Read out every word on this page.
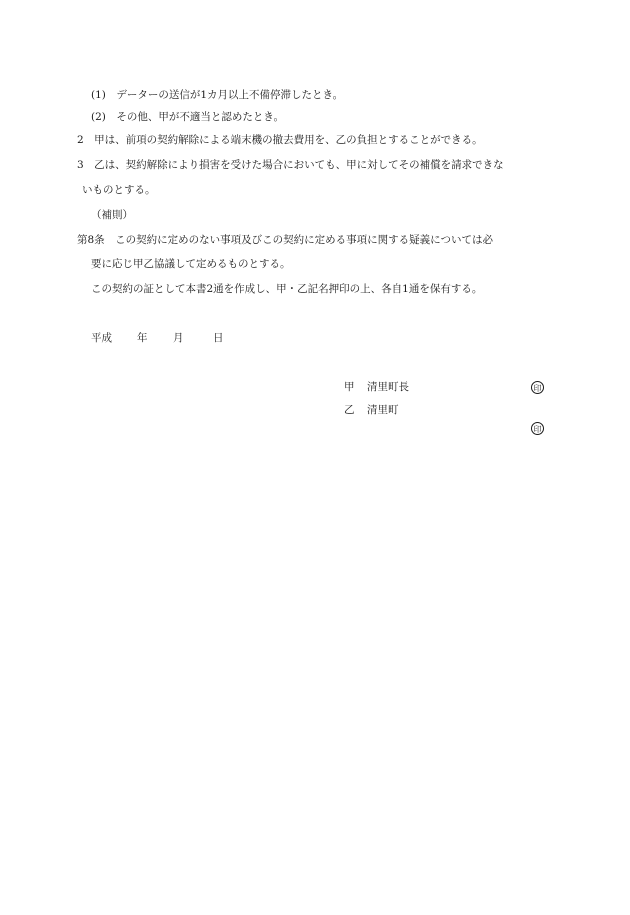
(1)　データーの送信が1カ月以上不備停滞したとき。
(2)　その他、甲が不適当と認めたとき。
2　甲は、前項の契約解除による端末機の撤去費用を、乙の負担とすることができる。
3　乙は、契約解除により損害を受けた場合においても、甲に対してその補償を請求できな
いものとする。
（補則）
第8条　この契約に定めのない事項及びこの契約に定める事項に関する疑義については必
要に応じ甲乙協議して定めるものとする。
この契約の証として本書2通を作成し、甲・乙記名押印の上、各自1通を保有する。
平成 年 月	日
甲 清里町長	印
乙 清里町
印
